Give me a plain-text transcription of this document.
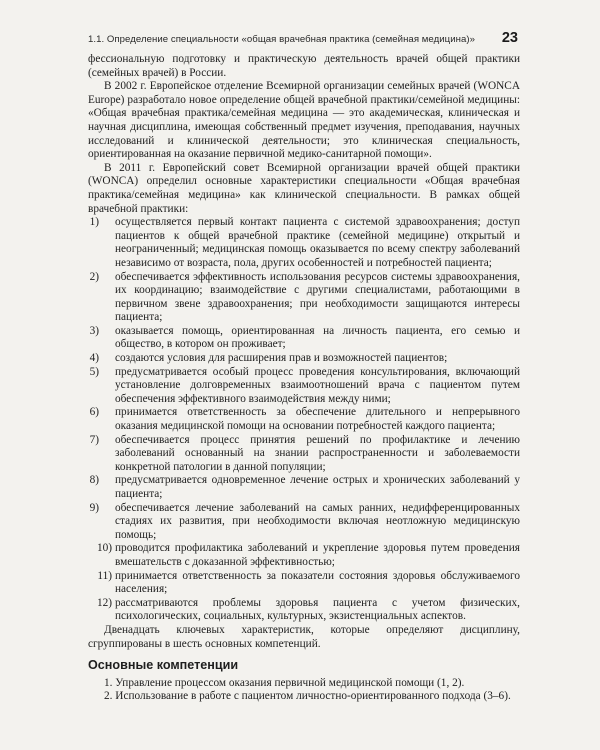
1.1. Определение специальности «общая врачебная практика (семейная медицина)»	23

фессиональную подготовку и практическую деятельность врачей общей практики (семейных врачей) в России.

В 2002 г. Европейское отделение Всемирной организации семейных врачей (WONCA Europe) разработало новое определение общей врачебной практики/семейной медицины: «Общая врачебная практика/семейная медицина — это академическая, клиническая и научная дисциплина, имеющая собственный предмет изучения, преподавания, научных исследований и клинической деятельности; это клиническая специальность, ориентированная на оказание первичной медико-санитарной помощи».

В 2011 г. Европейский совет Всемирной организации врачей общей практики (WONCA) определил основные характеристики специальности «Общая врачебная практика/семейная медицина» как клинической специальности. В рамках общей врачебной практики:

1) осуществляется первый контакт пациента с системой здравоохранения; доступ пациентов к общей врачебной практике (семейной медицине) открытый и неограниченный; медицинская помощь оказывается по всему спектру заболеваний независимо от возраста, пола, других особенностей и потребностей пациента;
2) обеспечивается эффективность использования ресурсов системы здравоохранения, их координацию; взаимодействие с другими специалистами, работающими в первичном звене здравоохранения; при необходимости защищаются интересы пациента;
3) оказывается помощь, ориентированная на личность пациента, его семью и общество, в котором он проживает;
4) создаются условия для расширения прав и возможностей пациентов;
5) предусматривается особый процесс проведения консультирования, включающий установление долговременных взаимоотношений врача с пациентом путем обеспечения эффективного взаимодействия между ними;
6) принимается ответственность за обеспечение длительного и непрерывного оказания медицинской помощи на основании потребностей каждого пациента;
7) обеспечивается процесс принятия решений по профилактике и лечению заболеваний основанный на знании распространенности и заболеваемости конкретной патологии в данной популяции;
8) предусматривается одновременное лечение острых и хронических заболеваний у пациента;
9) обеспечивается лечение заболеваний на самых ранних, недифференцированных стадиях их развития, при необходимости включая неотложную медицинскую помощь;
10) проводится профилактика заболеваний и укрепление здоровья путем проведения вмешательств с доказанной эффективностью;
11) принимается ответственность за показатели состояния здоровья обслуживаемого населения;
12) рассматриваются проблемы здоровья пациента с учетом физических, психологических, социальных, культурных, экзистенциальных аспектов.

Двенадцать ключевых характеристик, которые определяют дисциплину, сгруппированы в шесть основных компетенций.

Основные компетенции

1. Управление процессом оказания первичной медицинской помощи (1, 2).

2. Использование в работе с пациентом личностно-ориентированного подхода (3–6).
